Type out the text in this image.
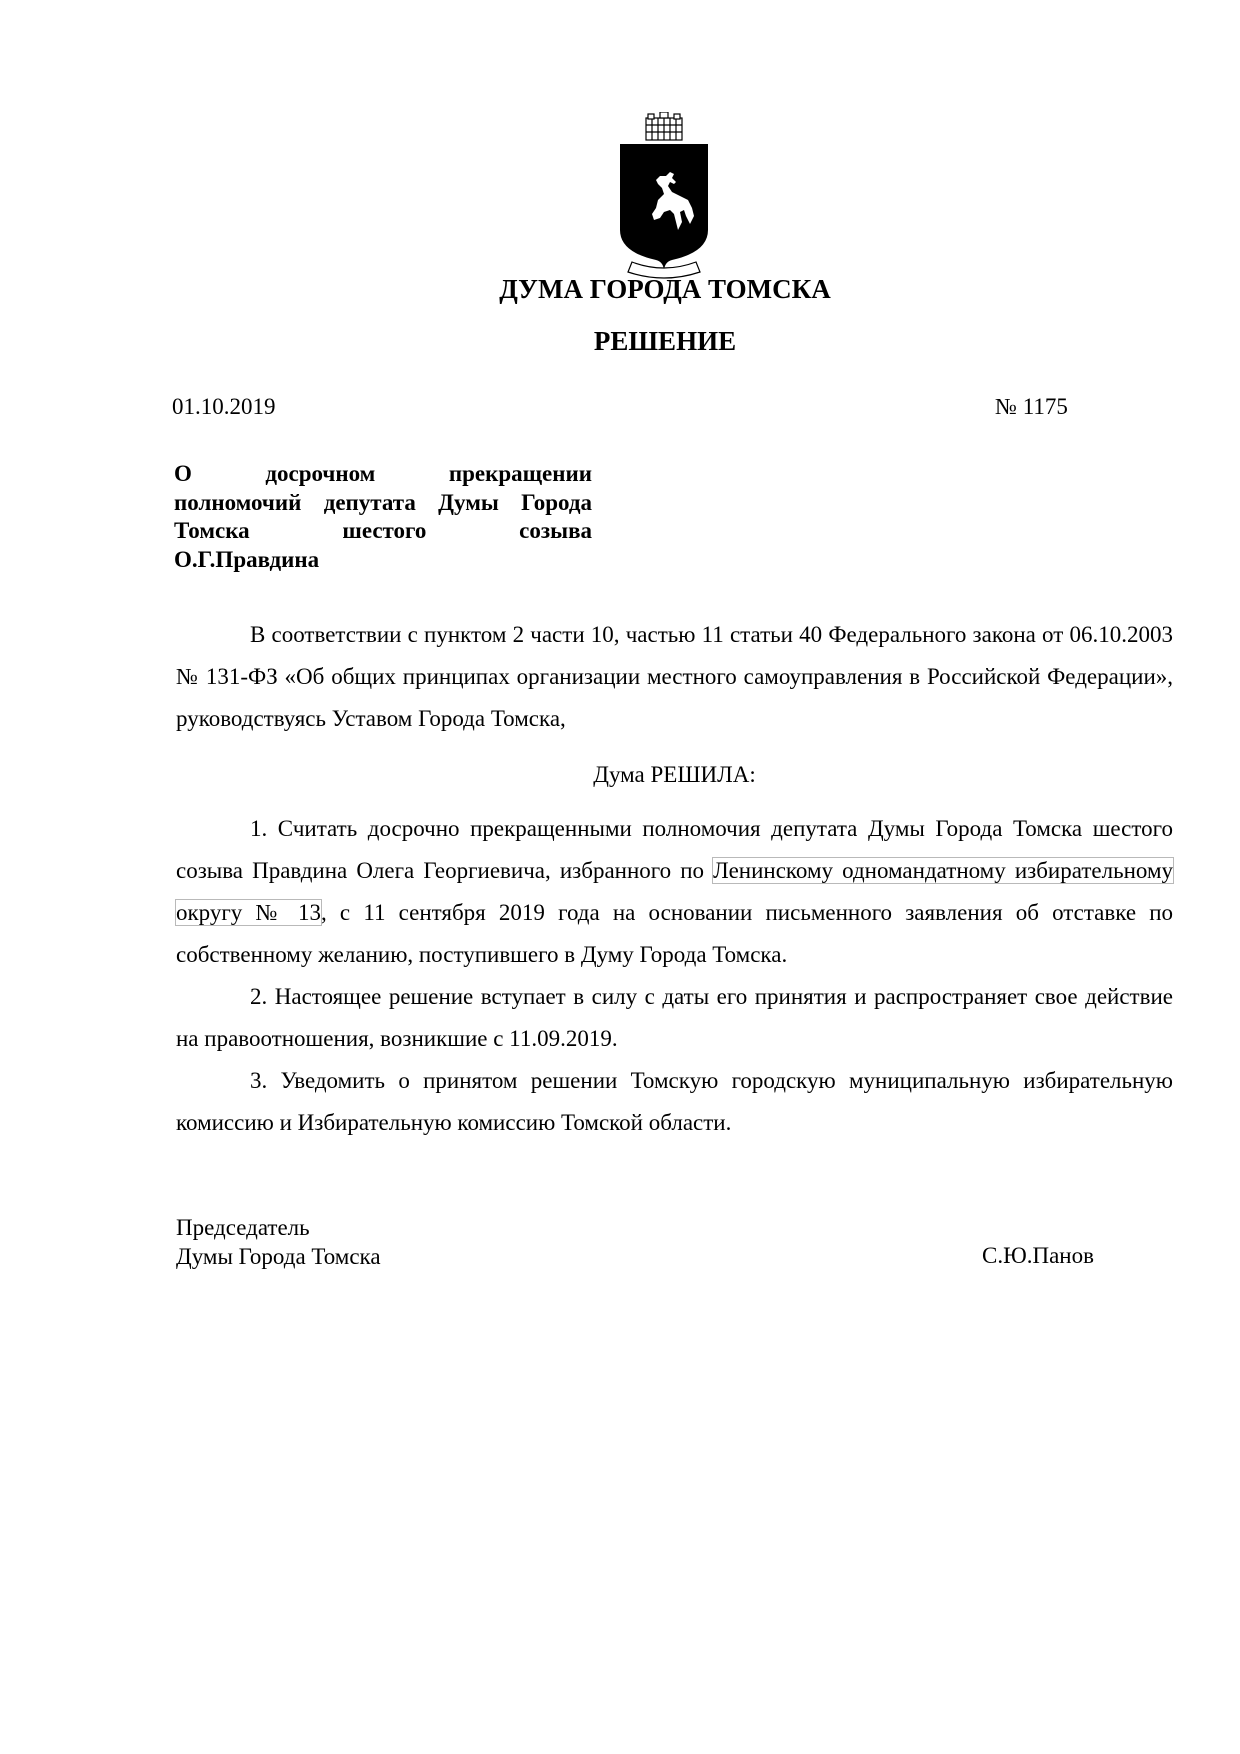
ДУМА ГОРОДА ТОМСКА
РЕШЕНИЕ
01.10.2019	№ 1175
О досрочном прекращении
полномочий депутата Думы Города
Томска шестого созыва
О.Г.Правдина

В соответствии с пунктом 2 части 10, частью 11 статьи 40 Федерального закона от 06.10.2003 № 131-ФЗ «Об общих принципах организации местного самоуправления в Российской Федерации», руководствуясь Уставом Города Томска,

Дума РЕШИЛА:

1. Считать досрочно прекращенными полномочия депутата Думы Города Томска шестого созыва Правдина Олега Георгиевича, избранного по Ленинскому одномандатному избирательному округу № 13, с 11 сентября 2019 года на основании письменного заявления об отставке по собственному желанию, поступившего в Думу Города Томска.

2. Настоящее решение вступает в силу с даты его принятия и распространяет свое действие на правоотношения, возникшие с 11.09.2019.

3. Уведомить о принятом решении Томскую городскую муниципальную избирательную комиссию и Избирательную комиссию Томской области.

Председатель
Думы Города Томска	С.Ю.Панов
